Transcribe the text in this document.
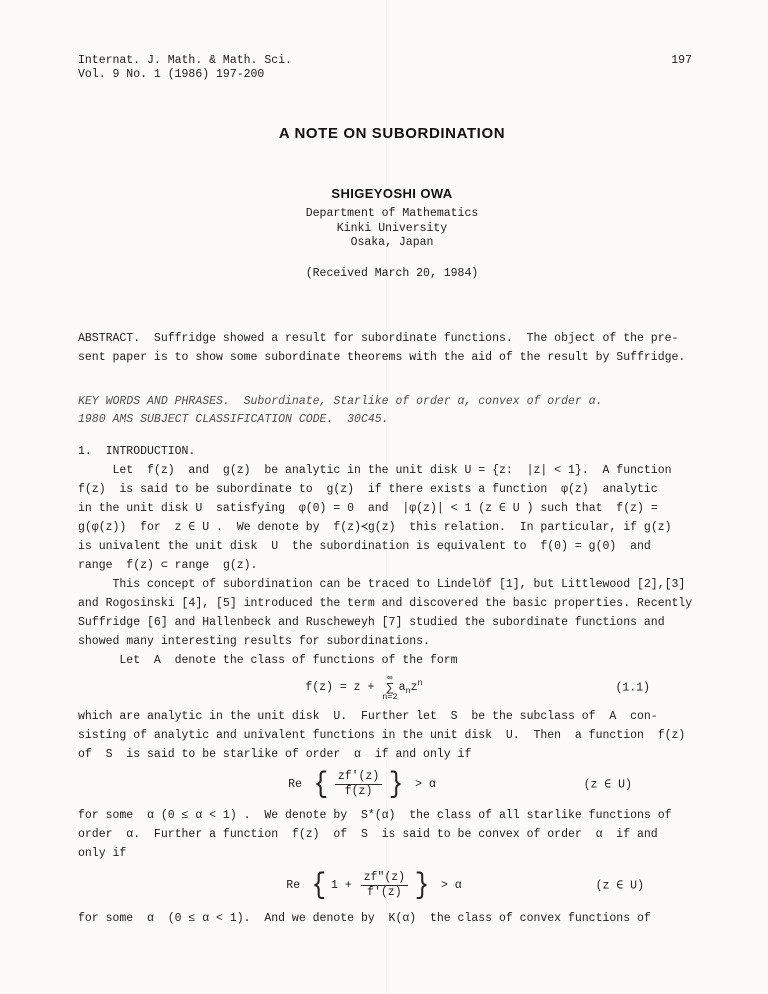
Internat. J. Math. & Math. Sci.
Vol. 9 No. 1 (1986) 197-200
197
A NOTE ON SUBORDINATION
SHIGEYOSHI OWA
Department of Mathematics
Kinki University
Osaka, Japan
(Received March 20, 1984)
ABSTRACT.  Suffridge showed a result for subordinate functions.  The object of the pre-
sent paper is to show some subordinate theorems with the aid of the result by Suffridge.
KEY WORDS AND PHRASES.  Subordinate, Starlike of order α, convex of order α.
1980 AMS SUBJECT CLASSIFICATION CODE.  30C45.
1.  INTRODUCTION.
Let  f(z)  and  g(z)  be analytic in the unit disk U = {z:  |z| < 1}.  A function
f(z)  is said to be subordinate to  g(z)  if there exists a function  φ(z)  analytic
in the unit disk U  satisfying  φ(0) = 0  and  |φ(z)| < 1 (z ∈ U ) such that  f(z) =
g(φ(z))  for  z ∈ U .  We denote by  f(z)≺g(z)  this relation.  In particular, if g(z)
is univalent the unit disk  U  the subordination is equivalent to  f(0) = g(0)  and
range  f(z) ⊂ range  g(z).
This concept of subordination can be traced to Lindelöf [1], but Littlewood [2],[3]
and Rogosinski [4], [5] introduced the term and discovered the basic properties. Recently
Suffridge [6] and Hallenbeck and Ruscheweyh [7] studied the subordinate functions and
showed many interesting results for subordinations.
Let  A  denote the class of functions of the form
f(z) = z +
∞
∑
n=2
$a_nz^n$	(1.1)
which are analytic in the unit disk  U.  Further let  S  be the subclass of  A  con-
sisting of analytic and univalent functions in the unit disk  U.  Then  a function  f(z)
of  S  is said to be starlike of order  α  if and only if
Re { $\frac{zf'(z)}{f(z)}$ } > α	(z ∈ U)
for some  α (0 ≤ α < 1) .  We denote by  S*(α)  the class of all starlike functions of
order  α.  Further a function  f(z)  of  S  is said to be convex of order  α  if and
only if
Re { $1 + \frac{zf"(z)}{f'(z)}$ } > α	(z ∈ U)
for some  α  (0 ≤ α < 1).  And we denote by  K(α)  the class of convex functions of
